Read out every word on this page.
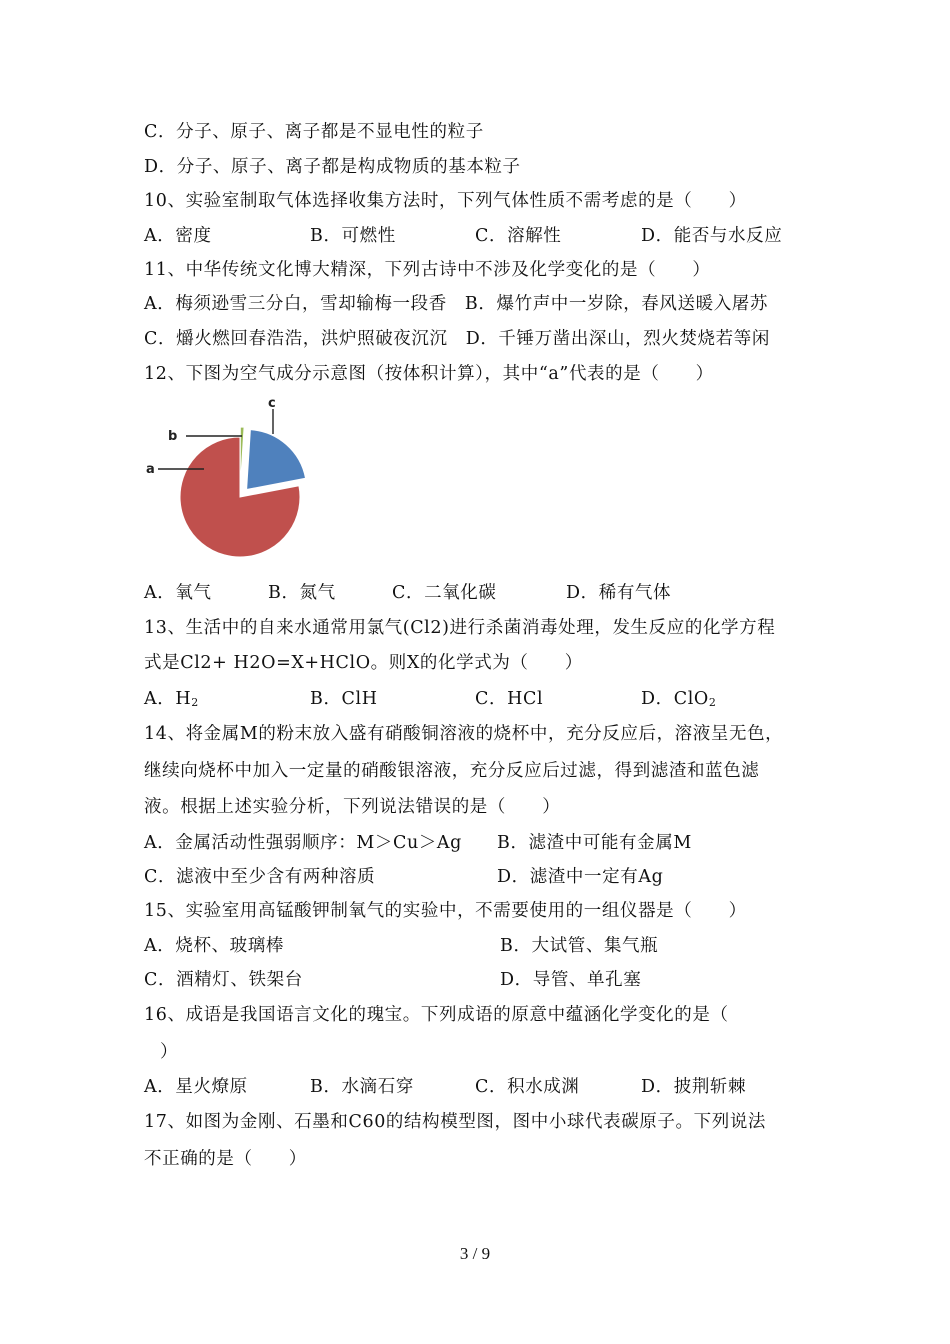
C．分子、原子、离子都是不显电性的粒子
D．分子、原子、离子都是构成物质的基本粒子
10、实验室制取气体选择收集方法时，下列气体性质不需考虑的是（　　）
A．密度	B．可燃性	C．溶解性	D．能否与水反应
11、中华传统文化博大精深，下列古诗中不涉及化学变化的是（　　）
A．梅须逊雪三分白，雪却输梅一段香　B．爆竹声中一岁除，春风送暖入屠苏
C．爝火燃回春浩浩，洪炉照破夜沉沉　D．千锤万凿出深山，烈火焚烧若等闲
12、下图为空气成分示意图（按体积计算），其中“a”代表的是（　　）
a
b
c
A．氧气	B．氮气	C．二氧化碳	D．稀有气体
13、生活中的自来水通常用氯气(Cl2)进行杀菌消毒处理，发生反应的化学方程
式是Cl2+ H2O=X+HClO。则X的化学式为（　　）
A．$H_2$	B．ClH	C．HCl	D．ClO$_2$
14、将金属M的粉末放入盛有硝酸铜溶液的烧杯中，充分反应后，溶液呈无色，
继续向烧杯中加入一定量的硝酸银溶液，充分反应后过滤，得到滤渣和蓝色滤
液。根据上述实验分析，下列说法错误的是（　　）
A．金属活动性强弱顺序：M＞Cu＞Ag B．滤渣中可能有金属M
C．滤液中至少含有两种溶质	D．滤渣中一定有Ag
15、实验室用高锰酸钾制氧气的实验中，不需要使用的一组仪器是（　　）
A．烧杯、玻璃棒	B．大试管、集气瓶
C．酒精灯、铁架台	D．导管、单孔塞
16、成语是我国语言文化的瑰宝。下列成语的原意中蕴涵化学变化的是（
）
A．星火燎原	B．水滴石穿	C．积水成渊	D．披荆斩棘
17、如图为金刚、石墨和C60的结构模型图，图中小球代表碳原子。下列说法
不正确的是（　　）
3 / 9
